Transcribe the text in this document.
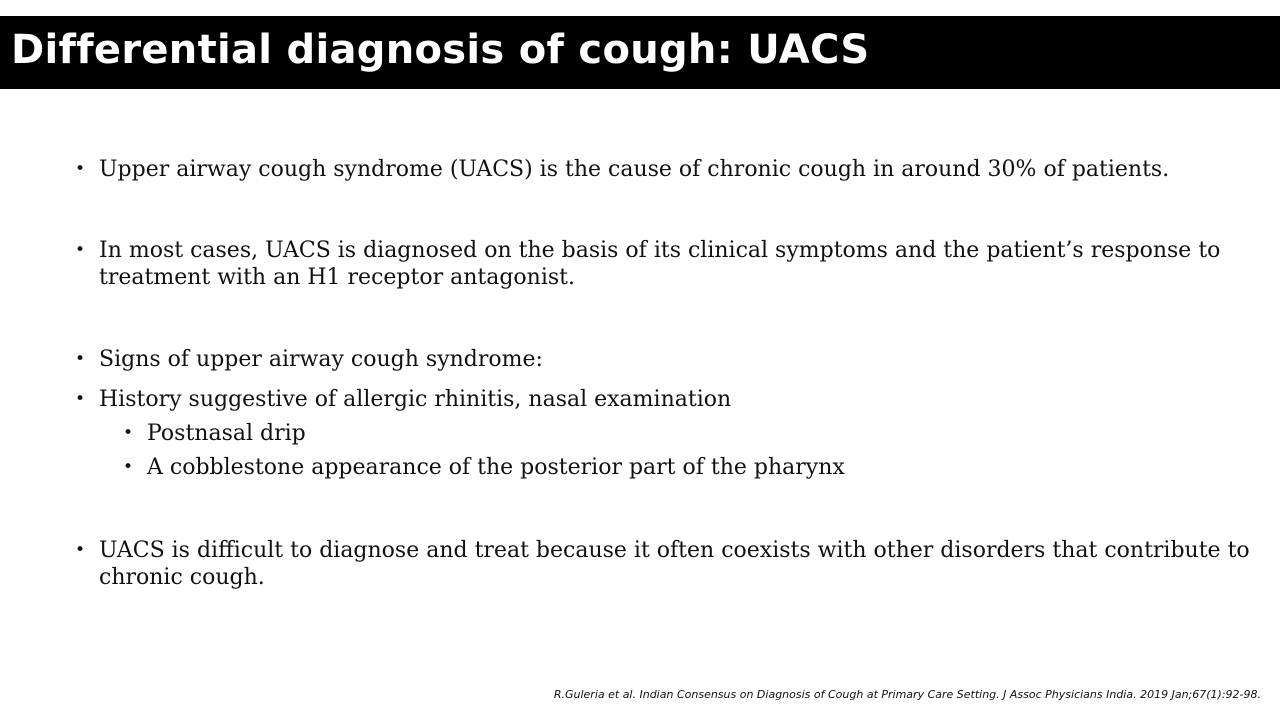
Differential diagnosis of cough: UACS
• Upper airway cough syndrome (UACS) is the cause of chronic cough in around 30% of patients.
• In most cases, UACS is diagnosed on the basis of its clinical symptoms and the patient’s response to
treatment with an H1 receptor antagonist.
• Signs of upper airway cough syndrome:
• History suggestive of allergic rhinitis, nasal examination
• Postnasal drip
• A cobblestone appearance of the posterior part of the pharynx
• UACS is difficult to diagnose and treat because it often coexists with other disorders that contribute to
chronic cough.
R.Guleria et al. Indian Consensus on Diagnosis of Cough at Primary Care Setting. J Assoc Physicians India. 2019 Jan;67(1):92-98.
